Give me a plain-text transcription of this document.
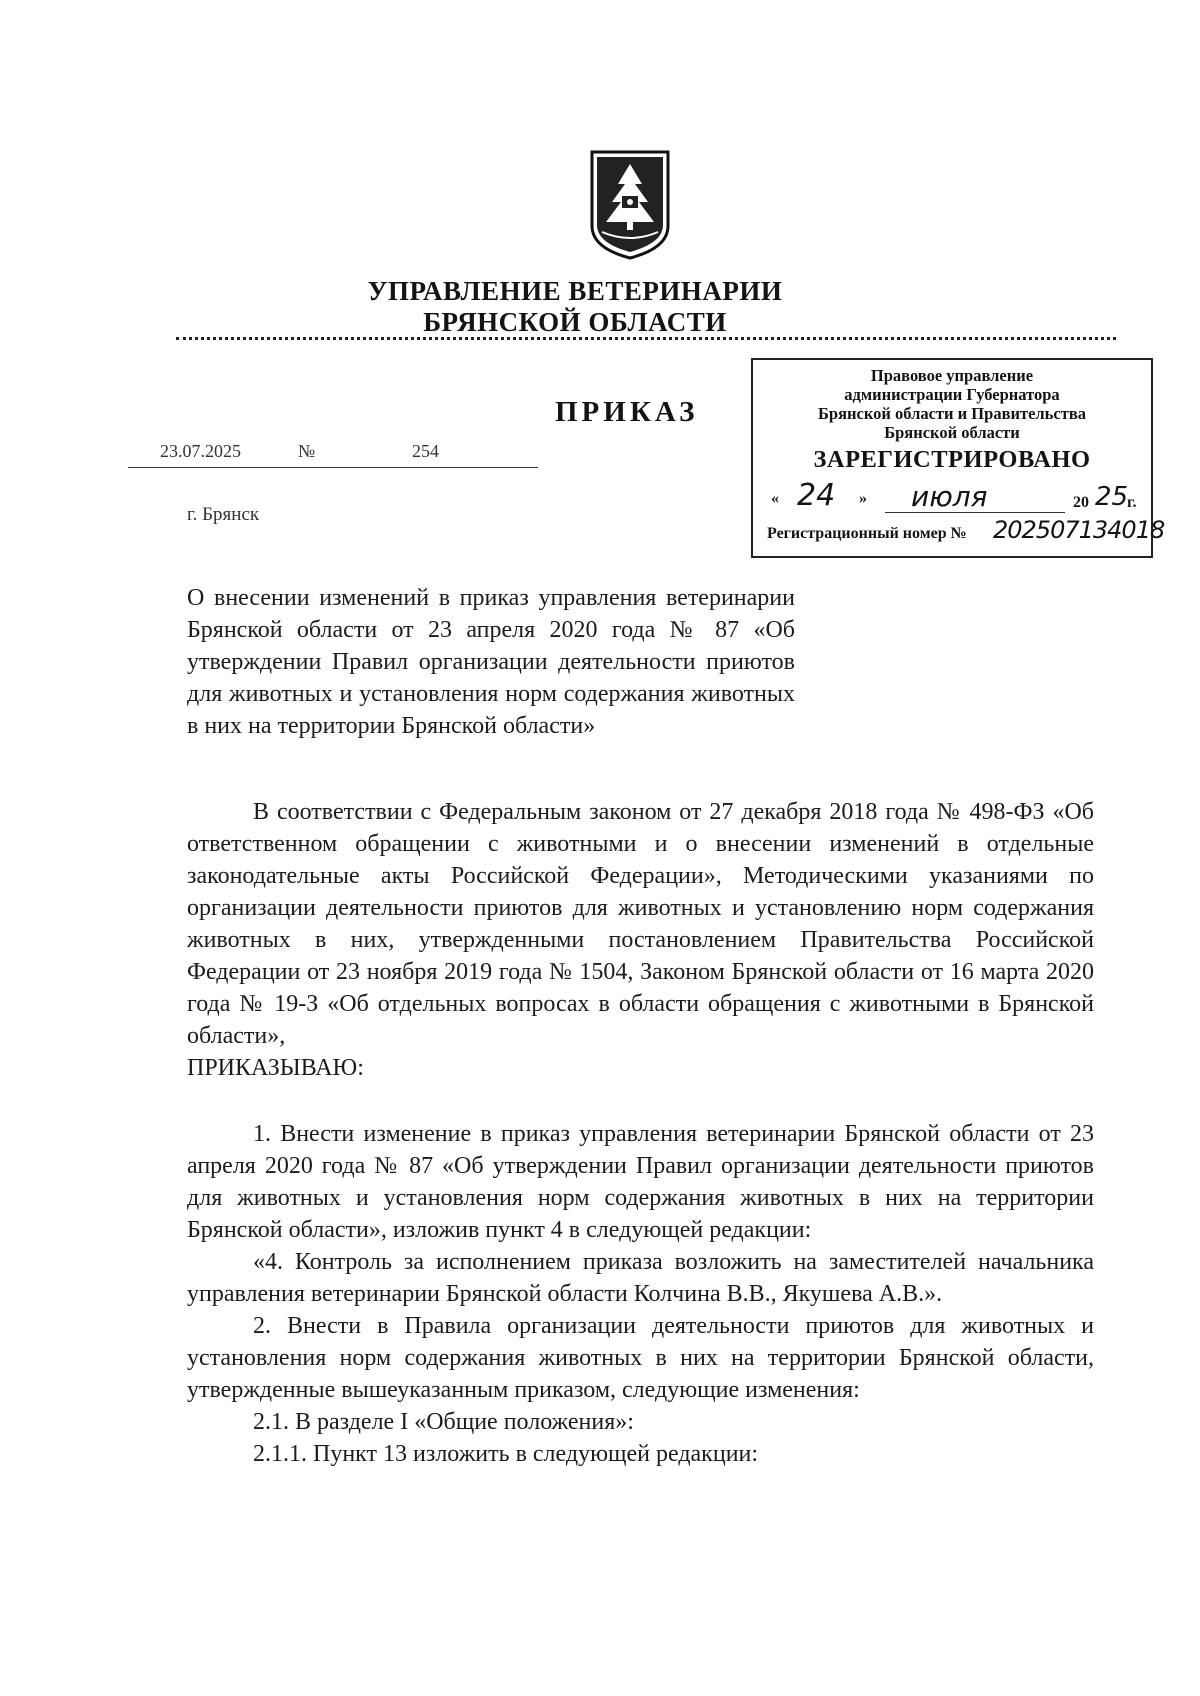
УПРАВЛЕНИЕ ВЕТЕРИНАРИИ
БРЯНСКОЙ ОБЛАСТИ
ПРИКАЗ
23.07.2025	№	254
г. Брянск
Правовое управление
администрации Губернатора
Брянской области и Правительства
Брянской области
ЗАРЕГИСТРИРОВАНО
« 24 » июля	20 25
г.
Регистрационный номер № 202507134018

О внесении изменений в приказ управления ветеринарии Брянской области от 23 апреля 2020 года № 87 «Об утверждении Правил организации деятельности приютов для животных и установления норм содержания животных в них на территории Брянской области»

В соответствии с Федеральным законом от 27 декабря 2018 года № 498-ФЗ «Об ответственном обращении с животными и о внесении изменений в отдельные законодательные акты Российской Федерации», Методическими указаниями по организации деятельности приютов для животных и установлению норм содержания животных в них, утвержденными постановлением Правительства Российской Федерации от 23 ноября 2019 года № 1504, Законом Брянской области от 16 марта 2020 года № 19-З «Об отдельных вопросах в области обращения с животными в Брянской области»,

ПРИКАЗЫВАЮ:

1. Внести изменение в приказ управления ветеринарии Брянской области от 23 апреля 2020 года № 87 «Об утверждении Правил организации деятельности приютов для животных и установления норм содержания животных в них на территории Брянской области», изложив пункт 4 в следующей редакции:

«4. Контроль за исполнением приказа возложить на заместителей начальника управления ветеринарии Брянской области Колчина В.В., Якушева А.В.».

2. Внести в Правила организации деятельности приютов для животных и установления норм содержания животных в них на территории Брянской области, утвержденные вышеуказанным приказом, следующие изменения:

2.1. В разделе I «Общие положения»:

2.1.1. Пункт 13 изложить в следующей редакции:
